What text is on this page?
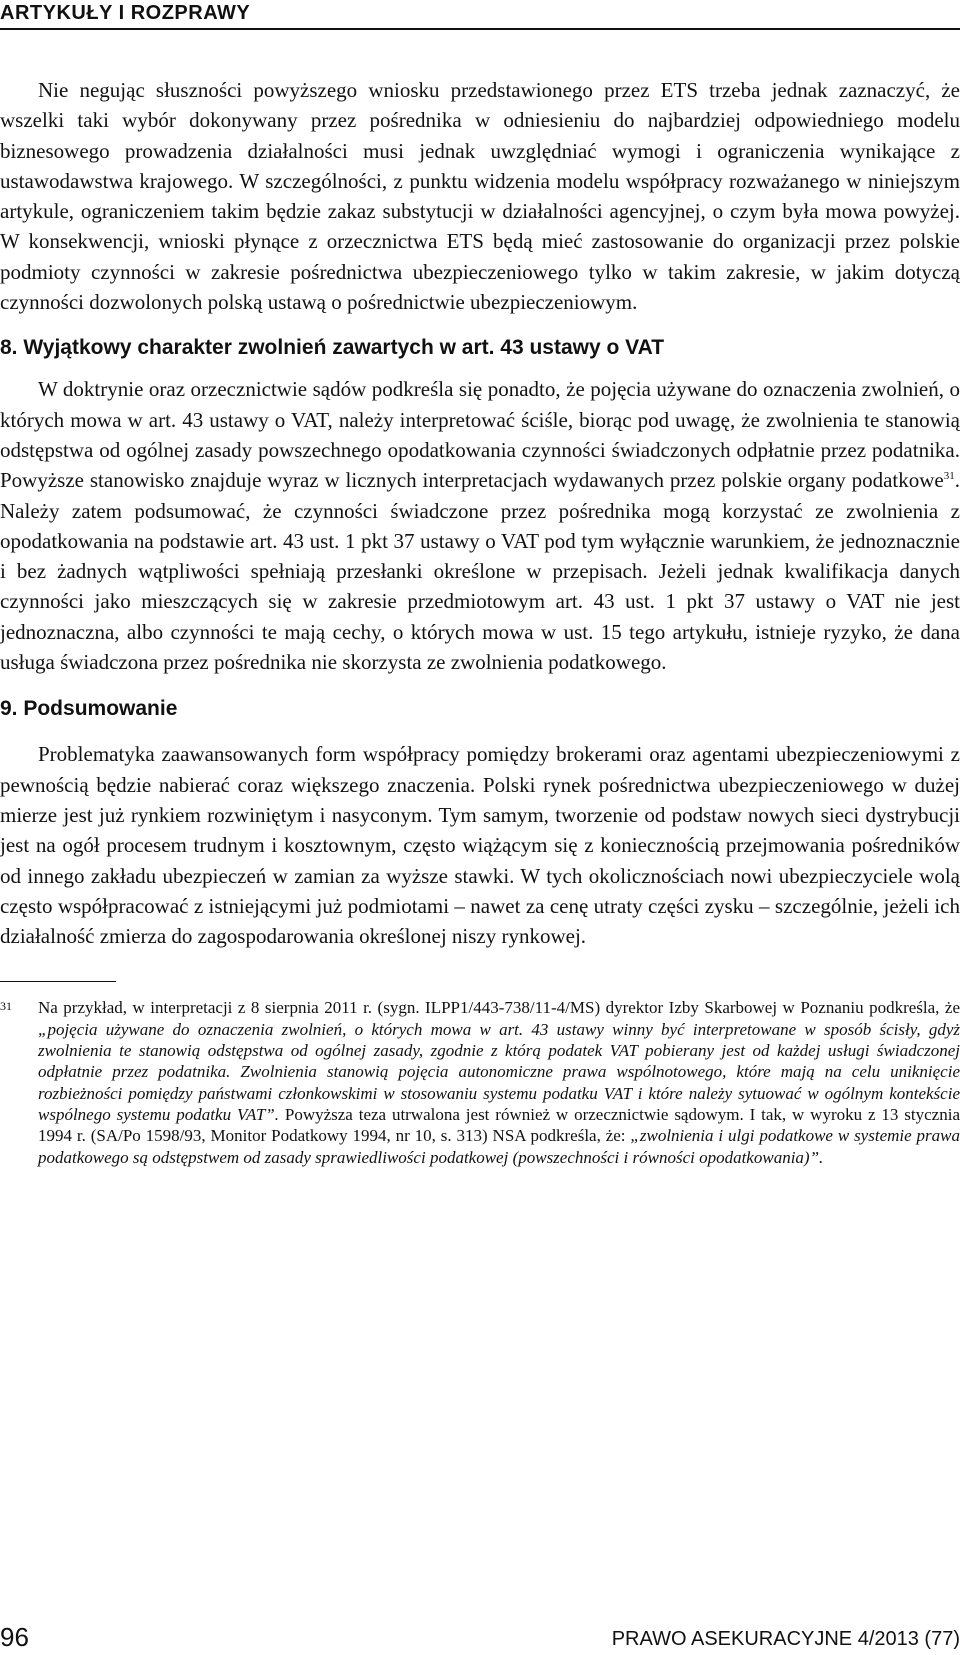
ARTYKUŁY I ROZPRAWY

Nie negując słuszności powyższego wniosku przedstawionego przez ETS trzeba jednak zaznaczyć, że wszelki taki wybór dokonywany przez pośrednika w odniesieniu do najbardziej odpowiedniego modelu biznesowego prowadzenia działalności musi jednak uwzględniać wymogi i ograniczenia wynikające z ustawodawstwa krajowego. W szczególności, z punktu widzenia modelu współpracy rozważanego w niniejszym artykule, ograniczeniem takim będzie zakaz substytucji w działalności agencyjnej, o czym była mowa powyżej. W konsekwencji, wnioski płynące z orzecznictwa ETS będą mieć zastosowanie do organizacji przez polskie podmioty czynności w zakresie pośrednictwa ubezpieczeniowego tylko w takim zakresie, w jakim dotyczą czynności dozwolonych polską ustawą o pośrednictwie ubezpieczeniowym.

8. Wyjątkowy charakter zwolnień zawartych w art. 43 ustawy o VAT

W doktrynie oraz orzecznictwie sądów podkreśla się ponadto, że pojęcia używane do oznaczenia zwolnień, o których mowa w art. 43 ustawy o VAT, należy interpretować ściśle, biorąc pod uwagę, że zwolnienia te stanowią odstępstwa od ogólnej zasady powszechnego opodatkowania czynności świadczonych odpłatnie przez podatnika. Powyższe stanowisko znajduje wyraz w licznych interpretacjach wydawanych przez polskie organy podatkowe$^{31}$. Należy zatem podsumować, że czynności świadczone przez pośrednika mogą korzystać ze zwolnienia z opodatkowania na podstawie art. 43 ust. 1 pkt 37 ustawy o VAT pod tym wyłącznie warunkiem, że jednoznacznie i bez żadnych wątpliwości spełniają przesłanki określone w przepisach. Jeżeli jednak kwalifikacja danych czynności jako mieszczących się w zakresie przedmiotowym art. 43 ust. 1 pkt 37 ustawy o VAT nie jest jednoznaczna, albo czynności te mają cechy, o których mowa w ust. 15 tego artykułu, istnieje ryzyko, że dana usługa świadczona przez pośrednika nie skorzysta ze zwolnienia podatkowego.

9. Podsumowanie

Problematyka zaawansowanych form współpracy pomiędzy brokerami oraz agentami ubezpieczeniowymi z pewnością będzie nabierać coraz większego znaczenia. Polski rynek pośrednictwa ubezpieczeniowego w dużej mierze jest już rynkiem rozwiniętym i nasyconym. Tym samym, tworzenie od podstaw nowych sieci dystrybucji jest na ogół procesem trudnym i kosztownym, często wiążącym się z koniecznością przejmowania pośredników od innego zakładu ubezpieczeń w zamian za wyższe stawki. W tych okolicznościach nowi ubezpieczyciele wolą często współpracować z istniejącymi już podmiotami – nawet za cenę utraty części zysku – szczególnie, jeżeli ich działalność zmierza do zagospodarowania określonej niszy rynkowej.

31	Na przykład, w interpretacji z 8 sierpnia 2011 r. (sygn. ILPP1/443-738/11-4/MS) dyrektor Izby Skarbowej w Poznaniu podkreśla, że „pojęcia używane do oznaczenia zwolnień, o których mowa w art. 43 ustawy winny być interpretowane w sposób ścisły, gdyż zwolnienia te stanowią odstępstwa od ogólnej zasady, zgodnie z którą podatek VAT pobierany jest od każdej usługi świadczonej odpłatnie przez podatnika. Zwolnienia stanowią pojęcia autonomiczne prawa wspólnotowego, które mają na celu uniknięcie rozbieżności pomiędzy państwami członkowskimi w stosowaniu systemu podatku VAT i które należy sytuować w ogólnym kontekście wspólnego systemu podatku VAT”. Powyższa teza utrwalona jest również w orzecznictwie sądowym. I tak, w wyroku z 13 stycznia 1994 r. (SA/Po 1598/93, Monitor Podatkowy 1994, nr 10, s. 313) NSA podkreśla, że: „zwolnienia i ulgi podatkowe w systemie prawa podatkowego są odstępstwem od zasady sprawiedliwości podatkowej (powszechności i równości opodatkowania)”.
96	PRAWO ASEKURACYJNE 4/2013 (77)
